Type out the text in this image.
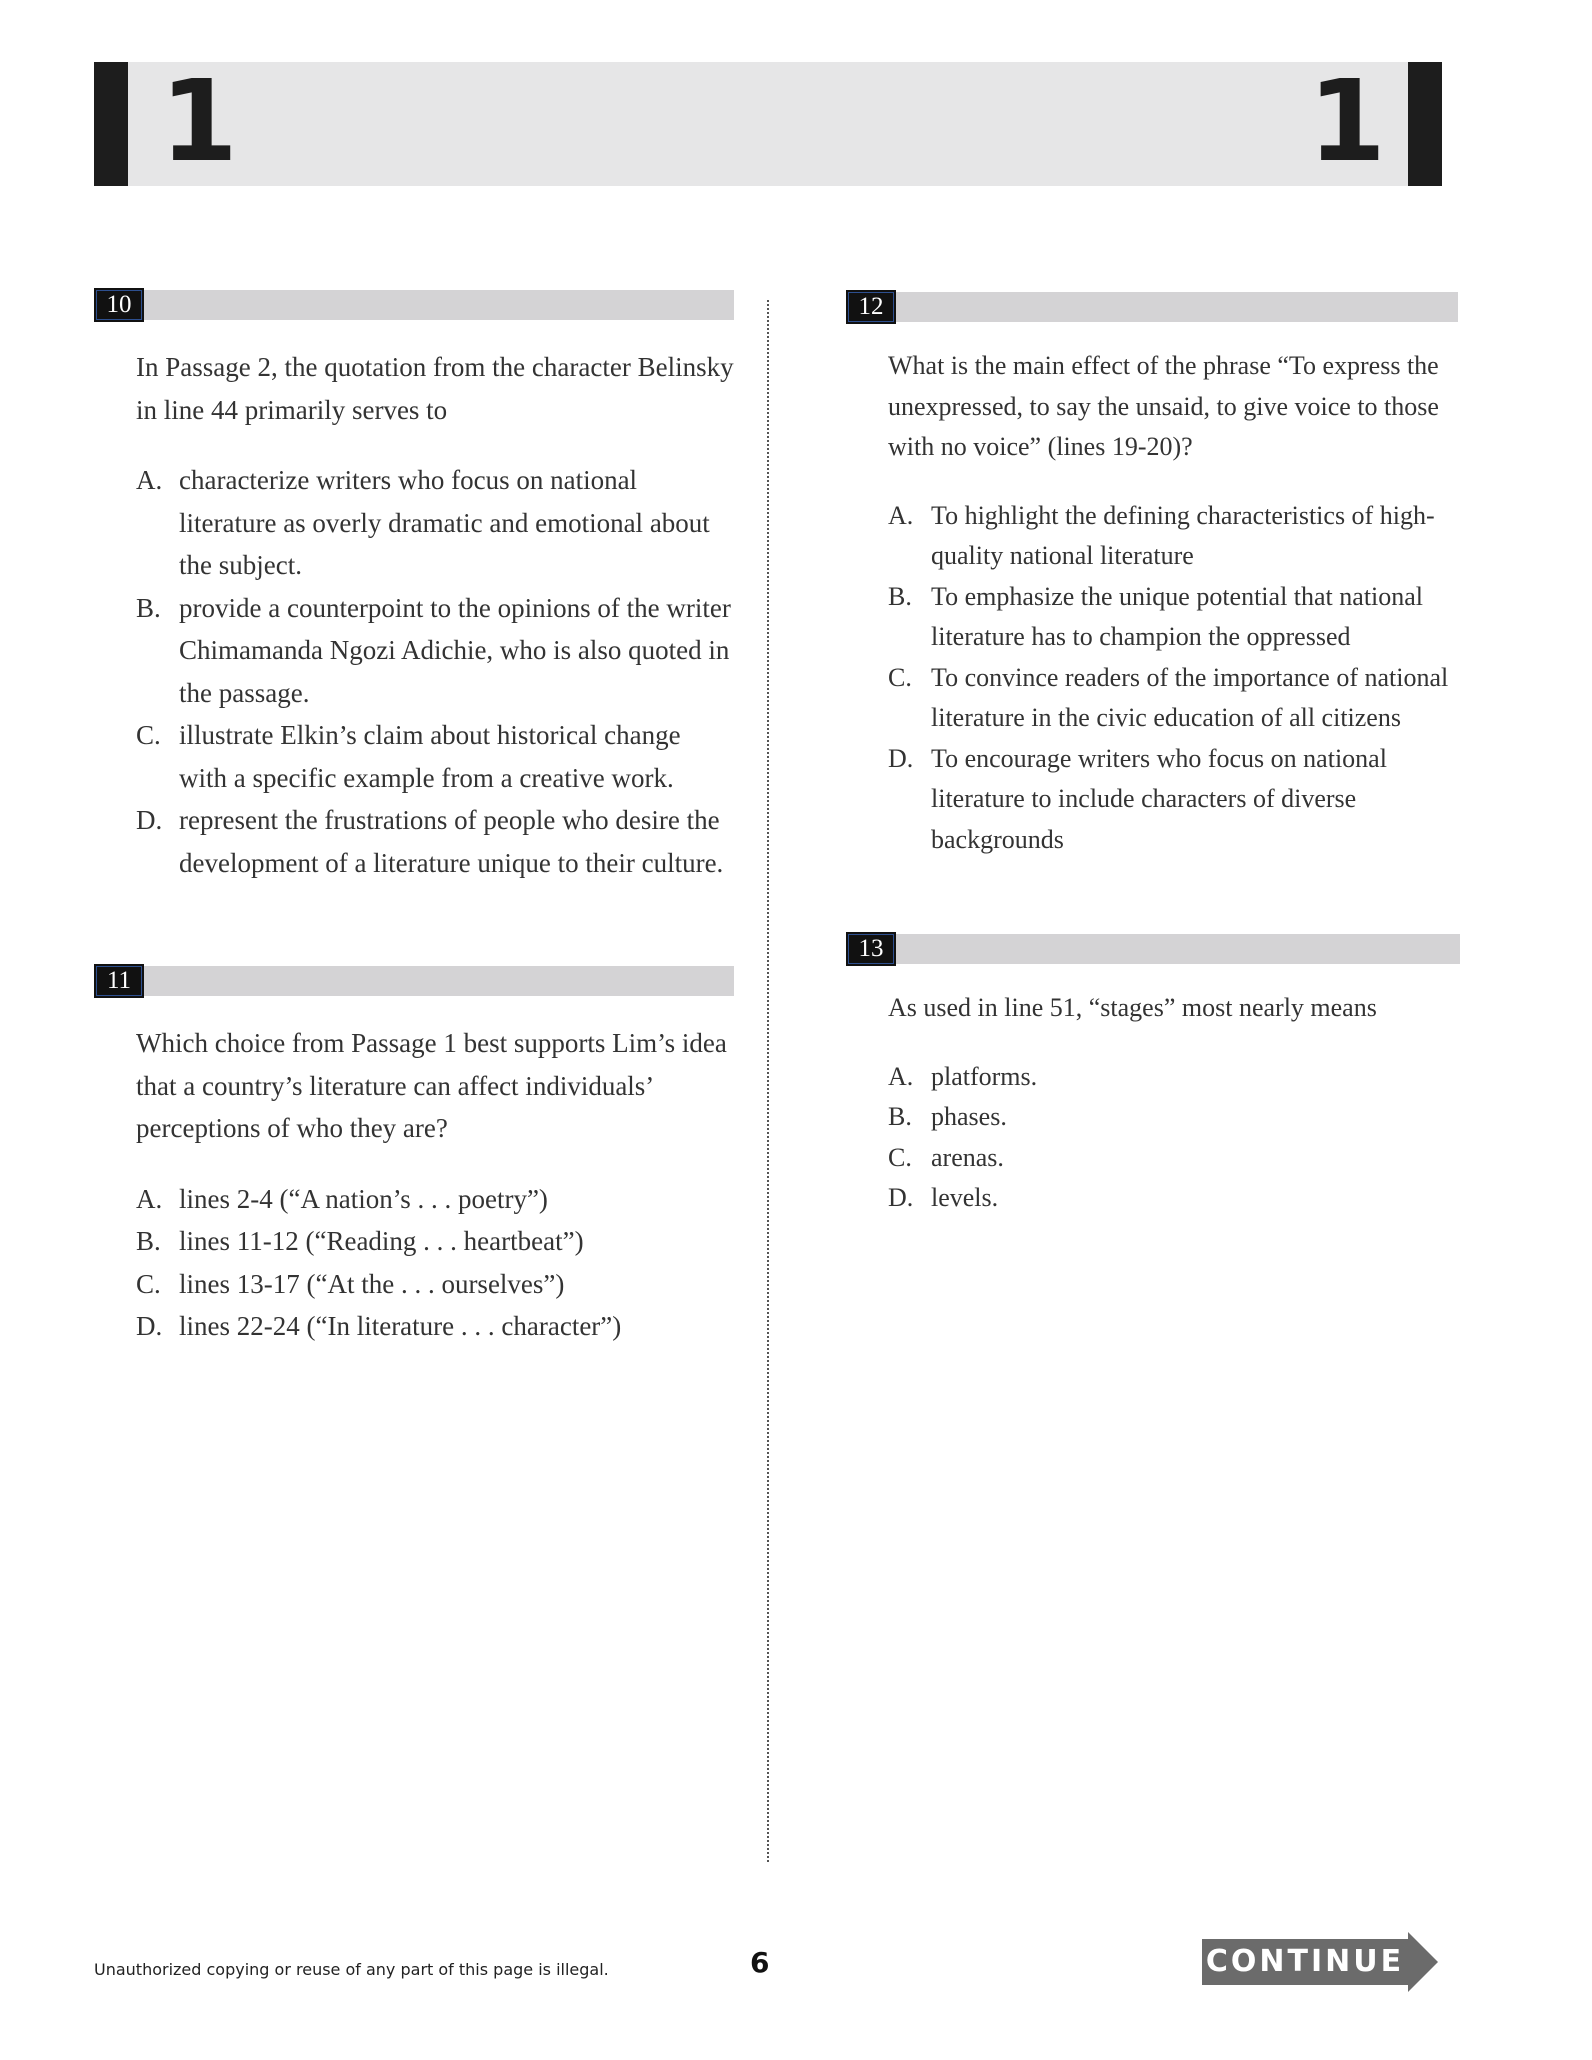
1	1
10
In Passage 2, the quotation from the character Belinsky in line 44 primarily serves to
A. characterize writers who focus on national literature as overly dramatic and emotional about the subject.
B. provide a counterpoint to the opinions of the writer Chimamanda Ngozi Adichie, who is also quoted in the passage.
C. illustrate Elkin’s claim about historical change with a specific example from a creative work.
D. represent the frustrations of people who desire the development of a literature unique to their culture.
11
Which choice from Passage 1 best supports Lim’s idea that a country’s literature can affect individuals’ perceptions of who they are?
A. lines 2-4 (“A nation’s . . . poetry”)
B. lines 11-12 (“Reading . . . heartbeat”)
C. lines 13-17 (“At the . . . ourselves”)
D. lines 22-24 (“In literature . . . character”)
12
What is the main effect of the phrase “To express the unexpressed, to say the unsaid, to give voice to those with no voice” (lines 19-20)?
A. To highlight the defining characteristics of high-quality national literature
B. To emphasize the unique potential that national literature has to champion the oppressed
C. To convince readers of the importance of national literature in the civic education of all citizens
D. To encourage writers who focus on national literature to include characters of diverse backgrounds
13
As used in line 51, “stages” most nearly means
A. platforms.
B. phases.
C. arenas.
D. levels.
Unauthorized copying or reuse of any part of this page is illegal.	6	CONTINUE
